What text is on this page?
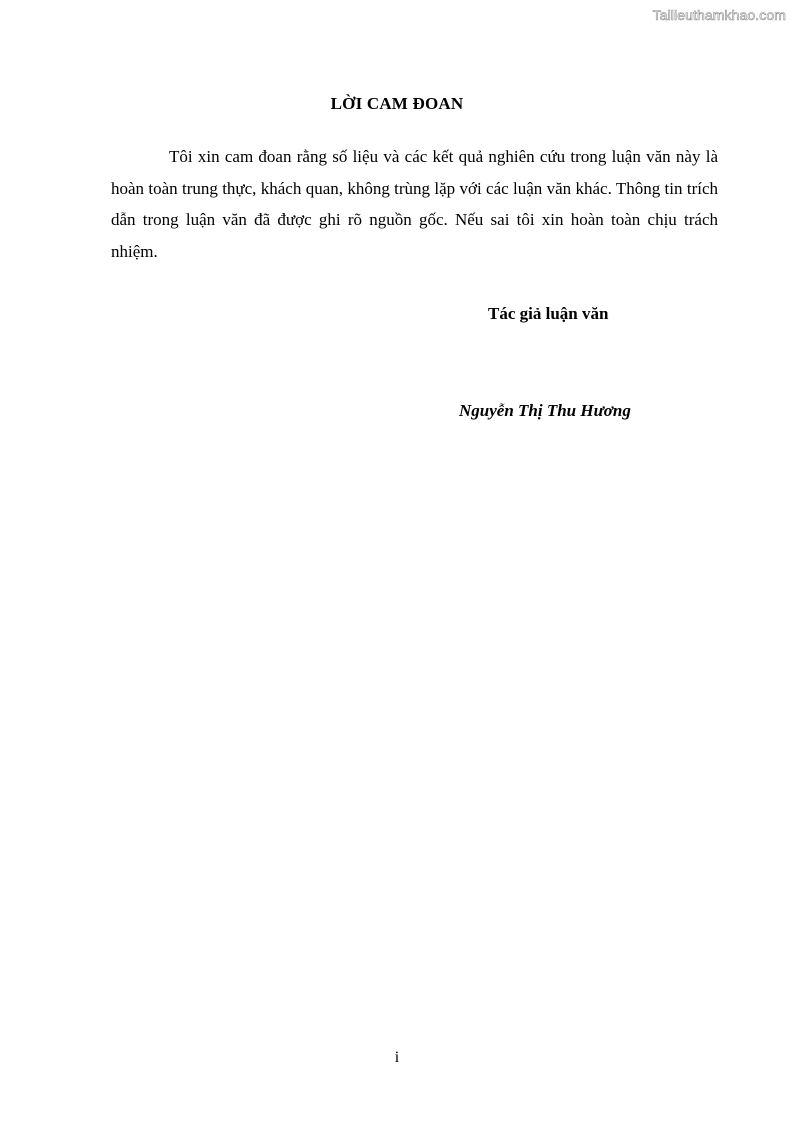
Tailieuthamkhao.com
LỜI CAM ĐOAN

Tôi xin cam đoan rằng số liệu và các kết quả nghiên cứu trong luận văn này là hoàn toàn trung thực, khách quan, không trùng lặp với các luận văn khác. Thông tin trích dẫn trong luận văn đã được ghi rõ nguồn gốc. Nếu sai tôi xin hoàn toàn chịu trách nhiệm.

Tác giả luận văn
Nguyễn Thị Thu Hương
i
